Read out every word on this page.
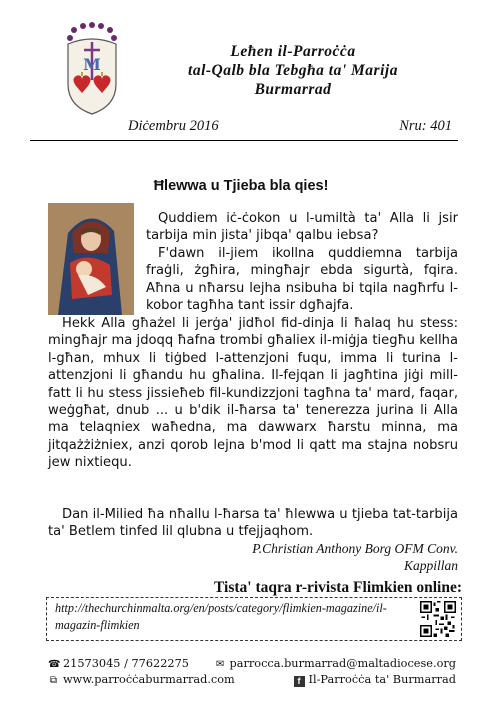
M
Leħen il-Parroċċa
tal-Qalb bla Tebgħa ta' Marija
Burmarrad
Diċembru 2016	Nru: 401
Ħlewwa u Tjieba bla qies!
Quddiem iċ-ċokon u l-umiltà ta' Alla li jsir tarbija min jista' jibqa' qalbu iebsa?
F'dawn il-jiem ikollna quddiemna tarbija fraġli, żgħira, mingħajr ebda sigurtà, fqira. Aħna u nħarsu lejha nsibuha bi tqila nagħrfu l-kobor tagħha tant issir dgħajfa.
Hekk Alla għażel li jerġa' jidħol fid-dinja li ħalaq hu stess: mingħajr ma jdoqq ħafna trombi għaliex il-miġja tiegħu kellha l-għan, mhux li tiġbed l-attenzjoni fuqu, imma li turina l-attenzjoni li għandu hu għalina. Il-fejqan li jagħtina jiġi mill-fatt li hu stess jissieħeb fil-kundizzjoni tagħna ta' mard, faqar, weġgħat, dnub ... u b'dik il-ħarsa ta' tenerezza jurina li Alla ma telaqniex waħedna, ma dawwarx ħarstu minna, ma jitqażżiżniex, anzi qorob lejna b'mod li qatt ma stajna nobsru jew nixtiequ.
Dan il-Milied ħa nħallu l-ħarsa ta' ħlewwa u tjieba tat-tarbija ta' Betlem tinfed lil qlubna u tfejjaqhom.
P.Christian Anthony Borg OFM Conv.
Kappillan
Tista' taqra r-rivista Flimkien online:
http://thechurchinmalta.org/en/posts/category/flimkien-magazine/il-magazin-flimkien
☎ 21573045 / 77622275
⧉ www.parroċċaburmarrad.com
✉ parrocca.burmarrad@maltadiocese.org
f Il-Parroċċa ta' Burmarrad
